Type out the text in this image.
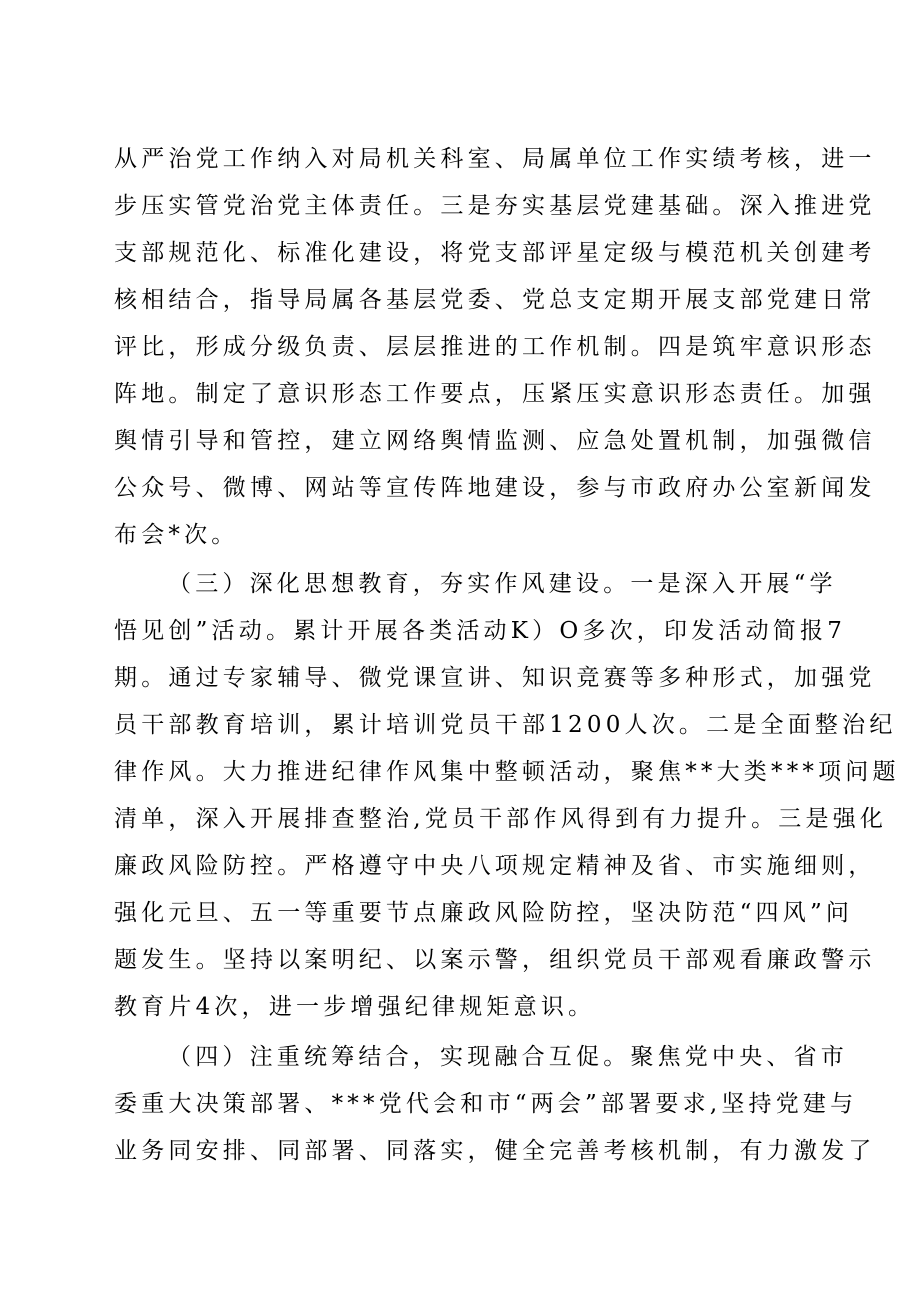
从严治党工作纳入对局机关科室、局属单位工作实绩考核，进一
步压实管党治党主体责任。三是夯实基层党建基础。深入推进党
支部规范化、标准化建设，将党支部评星定级与模范机关创建考
核相结合，指导局属各基层党委、党总支定期开展支部党建日常
评比，形成分级负责、层层推进的工作机制。四是筑牢意识形态
阵地。制定了意识形态工作要点，压紧压实意识形态责任。加强
舆情引导和管控，建立网络舆情监测、应急处置机制，加强微信
公众号、微博、网站等宣传阵地建设，参与市政府办公室新闻发
布会*次。
（三）深化思想教育，夯实作风建设。一是深入开展“学
悟见创”活动。累计开展各类活动K）O多次，印发活动简报7
期。通过专家辅导、微党课宣讲、知识竞赛等多种形式，加强党
员干部教育培训，累计培训党员干部1200人次。二是全面整治纪
律作风。大力推进纪律作风集中整顿活动，聚焦**大类***项问题
清单，深入开展排查整治,党员干部作风得到有力提升。三是强化
廉政风险防控。严格遵守中央八项规定精神及省、市实施细则，
强化元旦、五一等重要节点廉政风险防控，坚决防范“四风”问
题发生。坚持以案明纪、以案示警，组织党员干部观看廉政警示
教育片4次，进一步增强纪律规矩意识。
（四）注重统筹结合，实现融合互促。聚焦党中央、省市
委重大决策部署、***党代会和市“两会”部署要求,坚持党建与
业务同安排、同部署、同落实，健全完善考核机制，有力激发了
